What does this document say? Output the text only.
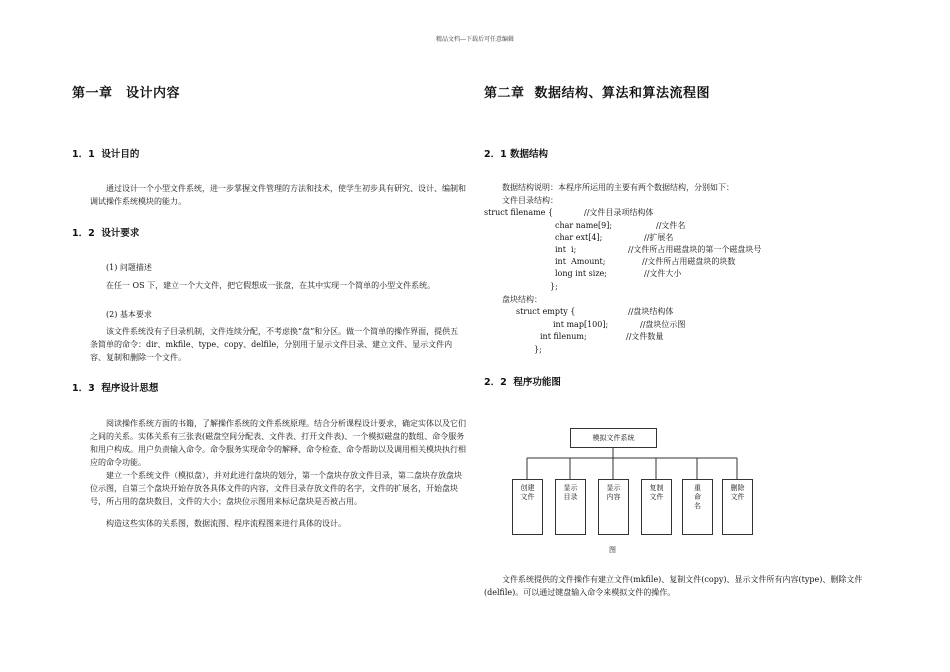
精品文档---下载后可任意编辑
第一章　设计内容
1．1  设计目的
通过设计一个小型文件系统，进一步掌握文件管理的方法和技术，使学生初步具有研究、设计、编制和调试操作系统模块的能力。
1．2  设计要求
(1) 问题描述
在任一 OS 下，建立一个大文件，把它假想成一张盘，在其中实现一个简单的小型文件系统。
(2) 基本要求
该文件系统没有子目录机制，文件连续分配，不考虑换“盘”和分区。做一个简单的操作界面，提供五条简单的命令：dir、mkfile、type、copy、delfile，分别用于显示文件目录、建立文件、显示文件内容、复制和删除一个文件。
1．3  程序设计思想
阅读操作系统方面的书籍，了解操作系统的文件系统原理。结合分析课程设计要求，确定实体以及它们之间的关系。实体关系有三张表(磁盘空间分配表、文件表、打开文件表)、一个模拟磁盘的数组、命令服务和用户构成。用户负责输入命令。命令服务实现命令的解释、命令检查、命令帮助以及调用相关模块执行相应的命令功能。
建立一个系统文件（模拟盘），并对此进行盘块的划分，第一个盘块存放文件目录，第二盘块存放盘块位示图，自第三个盘块开始存放各具体文件的内容，文件目录存放文件的名字，文件的扩展名，开始盘块号，所占用的盘块数目，文件的大小；盘块位示图用来标记盘块是否被占用。
构造这些实体的关系图，数据流图、程序流程图来进行具体的设计。
第二章  数据结构、算法和算法流程图
2．1 数据结构
数据结构说明：本程序所运用的主要有两个数据结构，分别如下：
文件目录结构：
struct filename {	//文件目录项结构体
char name[9];	//文件名
char ext[4];	//扩展名
int  i;	//文件所占用磁盘块的第一个磁盘块号
int  Amount;	//文件所占用磁盘块的块数
long int size;	//文件大小
};
盘块结构：
struct empty {	//盘块结构体
int map[100];	//盘块位示图
int filenum;	//文件数量
};
2．2  程序功能图
模拟文件系统
创建文件
显示目录
显示内容
复制文件
重命名
删除文件
图
文件系统提供的文件操作有建立文件(mkfile)、复制文件(copy)、显示文件所有内容(type)、删除文件(delfile)。可以通过键盘输入命令来模拟文件的操作。
